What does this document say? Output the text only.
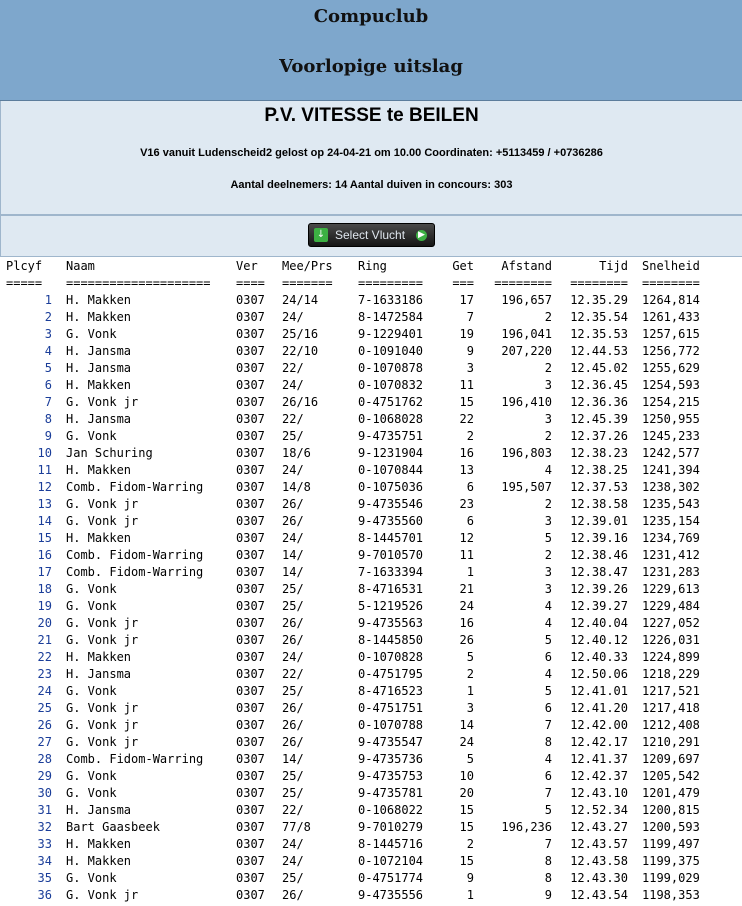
Compuclub
Voorlopige uitslag
P.V. VITESSE te BEILEN
V16 vanuit Ludenscheid2 gelost op 24-04-21 om 10.00 Coordinaten: +5113459 / +0736286
Aantal deelnemers: 14 Aantal duiven in concours: 303
↓ Select Vlucht ▶
Plcyf	Naam	Ver Mee/Prs Ring	Get	Afstand	Tijd Snelheid
=====	==================== ==== ======= =========	===	========	======== ========
1 H. Makken	0307 24/14	7-1633186	17	196,657	12.35.29 1264,814
2 H. Makken	0307 24/	8-1472584	7	2	12.35.54 1261,433
3 G. Vonk	0307 25/16	9-1229401	19	196,041	12.35.53 1257,615
4 H. Jansma	0307 22/10	0-1091040	9	207,220	12.44.53 1256,772
5 H. Jansma	0307 22/	0-1070878	3	2	12.45.02 1255,629
6 H. Makken	0307 24/	0-1070832	11	3	12.36.45 1254,593
7 G. Vonk jr	0307 26/16	0-4751762	15	196,410	12.36.36 1254,215
8 H. Jansma	0307 22/	0-1068028	22	3	12.45.39 1250,955
9 G. Vonk	0307 25/	9-4735751	2	2	12.37.26 1245,233
10 Jan Schuring	0307 18/6	9-1231904	16	196,803	12.38.23 1242,577
11 H. Makken	0307 24/	0-1070844	13	4	12.38.25 1241,394
12 Comb. Fidom-Warring	0307 14/8	0-1075036	6	195,507	12.37.53 1238,302
13 G. Vonk jr	0307 26/	9-4735546	23	2	12.38.58 1235,543
14 G. Vonk jr	0307 26/	9-4735560	6	3	12.39.01 1235,154
15 H. Makken	0307 24/	8-1445701	12	5	12.39.16 1234,769
16 Comb. Fidom-Warring	0307 14/	9-7010570	11	2	12.38.46 1231,412
17 Comb. Fidom-Warring	0307 14/	7-1633394	1	3	12.38.47 1231,283
18 G. Vonk	0307 25/	8-4716531	21	3	12.39.26 1229,613
19 G. Vonk	0307 25/	5-1219526	24	4	12.39.27 1229,484
20 G. Vonk jr	0307 26/	9-4735563	16	4	12.40.04 1227,052
21 G. Vonk jr	0307 26/	8-1445850	26	5	12.40.12 1226,031
22 H. Makken	0307 24/	0-1070828	5	6	12.40.33 1224,899
23 H. Jansma	0307 22/	0-4751795	2	4	12.50.06 1218,229
24 G. Vonk	0307 25/	8-4716523	1	5	12.41.01 1217,521
25 G. Vonk jr	0307 26/	0-4751751	3	6	12.41.20 1217,418
26 G. Vonk jr	0307 26/	0-1070788	14	7	12.42.00 1212,408
27 G. Vonk jr	0307 26/	9-4735547	24	8	12.42.17 1210,291
28 Comb. Fidom-Warring	0307 14/	9-4735736	5	4	12.41.37 1209,697
29 G. Vonk	0307 25/	9-4735753	10	6	12.42.37 1205,542
30 G. Vonk	0307 25/	9-4735781	20	7	12.43.10 1201,479
31 H. Jansma	0307 22/	0-1068022	15	5	12.52.34 1200,815
32 Bart Gaasbeek	0307 77/8	9-7010279	15	196,236	12.43.27 1200,593
33 H. Makken	0307 24/	8-1445716	2	7	12.43.57 1199,497
34 H. Makken	0307 24/	0-1072104	15	8	12.43.58 1199,375
35 G. Vonk	0307 25/	0-4751774	9	8	12.43.30 1199,029
36 G. Vonk jr	0307 26/	9-4735556	1	9	12.43.54 1198,353
